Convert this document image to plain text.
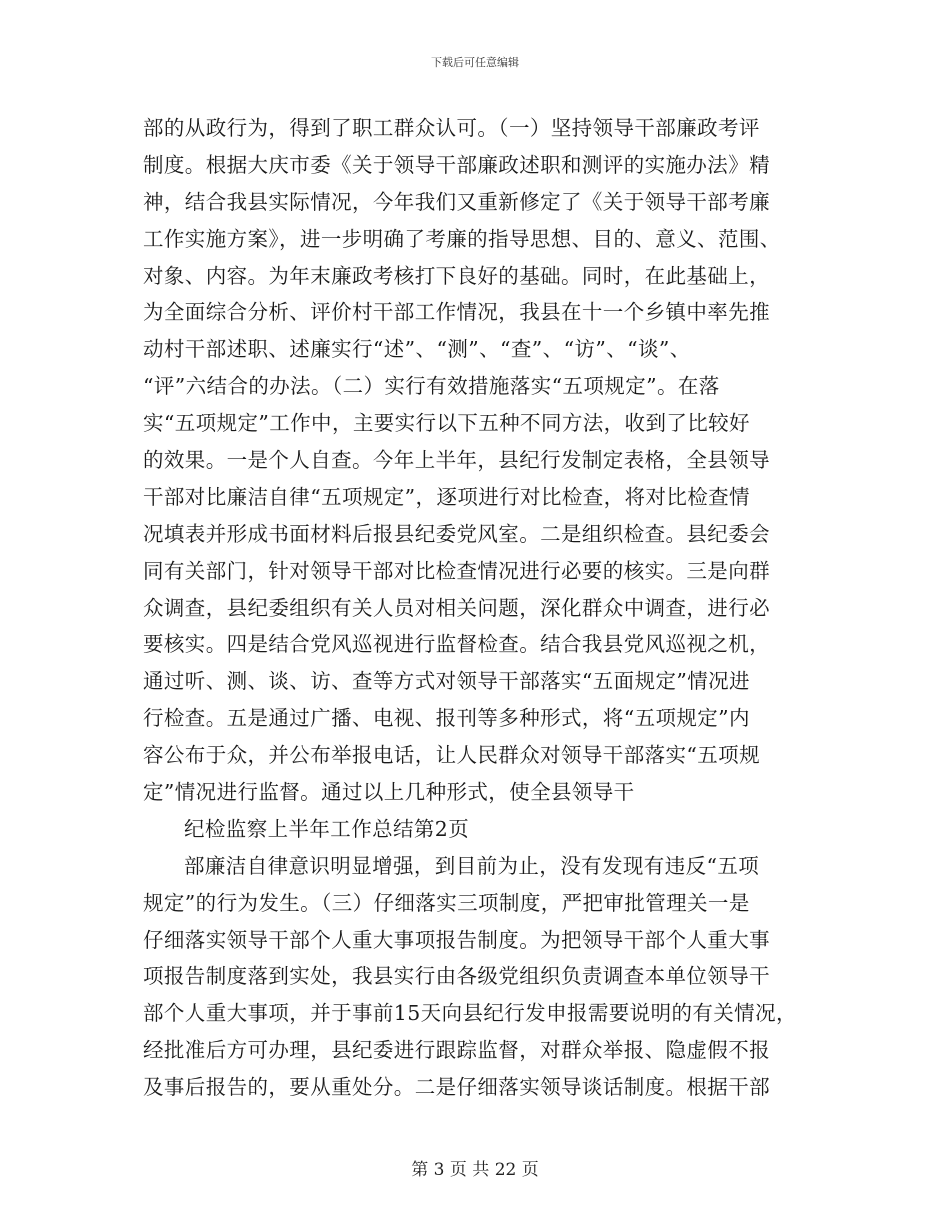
下载后可任意编辑
部的从政行为，得到了职工群众认可。（一）坚持领导干部廉政考评
制度。根据大庆市委《关于领导干部廉政述职和测评的实施办法》精
神，结合我县实际情况，今年我们又重新修定了《关于领导干部考廉
工作实施方案》，进一步明确了考廉的指导思想、目的、意义、范围、
对象、内容。为年末廉政考核打下良好的基础。同时，在此基础上，
为全面综合分析、评价村干部工作情况，我县在十一个乡镇中率先推
动村干部述职、述廉实行“述”、“测”、“查”、“访”、“谈”、
“评”六结合的办法。（二）实行有效措施落实“五项规定”。在落
实“五项规定”工作中，主要实行以下五种不同方法，收到了比较好
的效果。一是个人自查。今年上半年，县纪行发制定表格，全县领导
干部对比廉洁自律“五项规定”，逐项进行对比检查，将对比检查情
况填表并形成书面材料后报县纪委党风室。二是组织检查。县纪委会
同有关部门，针对领导干部对比检查情况进行必要的核实。三是向群
众调查，县纪委组织有关人员对相关问题，深化群众中调查，进行必
要核实。四是结合党风巡视进行监督检查。结合我县党风巡视之机，
通过听、测、谈、访、查等方式对领导干部落实“五面规定”情况进
行检查。五是通过广播、电视、报刊等多种形式，将“五项规定”内
容公布于众，并公布举报电话，让人民群众对领导干部落实“五项规
定”情况进行监督。通过以上几种形式，使全县领导干
纪检监察上半年工作总结第2页
部廉洁自律意识明显增强，到目前为止，没有发现有违反“五项
规定”的行为发生。（三）仔细落实三项制度，严把审批管理关一是
仔细落实领导干部个人重大事项报告制度。为把领导干部个人重大事
项报告制度落到实处，我县实行由各级党组织负责调查本单位领导干
部个人重大事项，并于事前15天向县纪行发申报需要说明的有关情况，
经批准后方可办理，县纪委进行跟踪监督，对群众举报、隐虚假不报
及事后报告的，要从重处分。二是仔细落实领导谈话制度。根据干部
第 3 页 共 22 页
